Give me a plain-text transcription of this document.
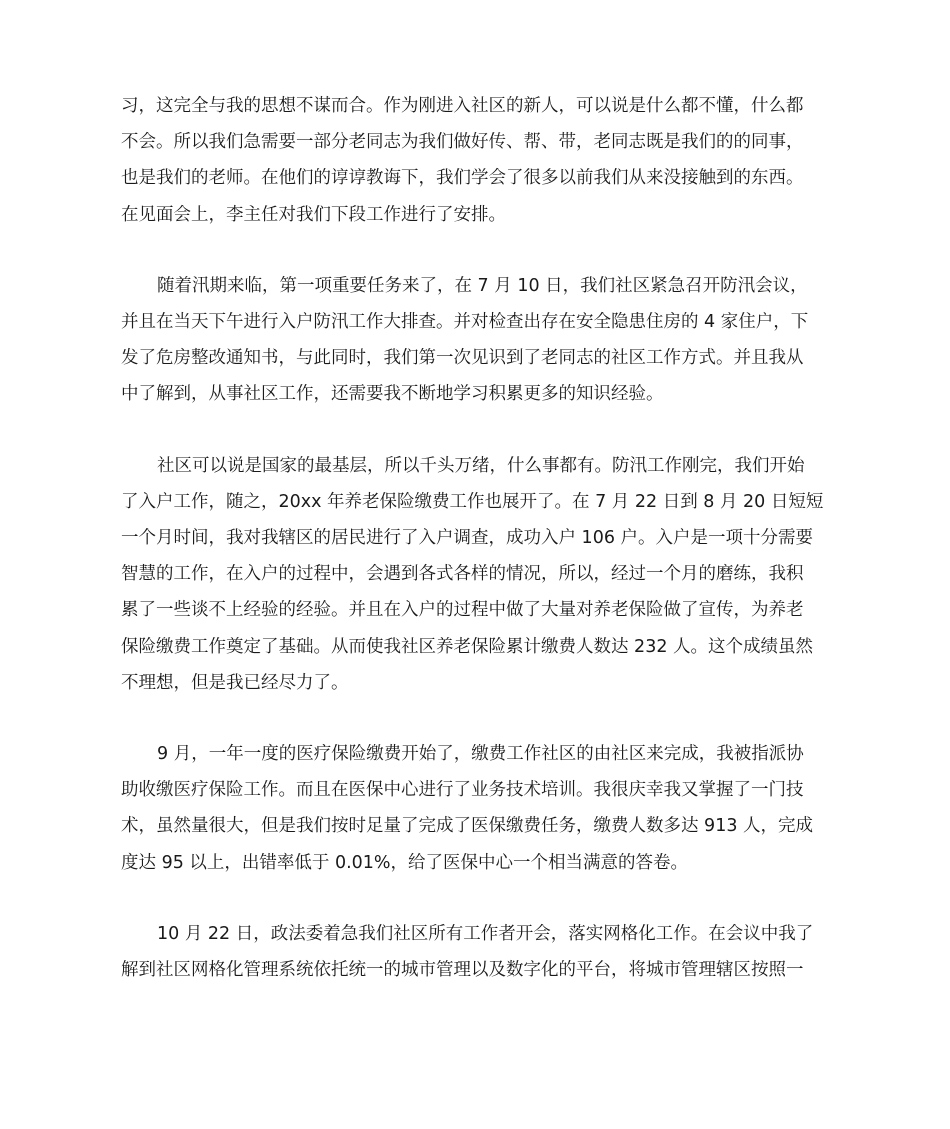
习，这完全与我的思想不谋而合。作为刚进入社区的新人，可以说是什么都不懂，什么都
不会。所以我们急需要一部分老同志为我们做好传、帮、带，老同志既是我们的的同事，
也是我们的老师。在他们的谆谆教诲下，我们学会了很多以前我们从来没接触到的东西。
在见面会上，李主任对我们下段工作进行了安排。

随着汛期来临，第一项重要任务来了，在 7 月 10 日，我们社区紧急召开防汛会议，
并且在当天下午进行入户防汛工作大排查。并对检查出存在安全隐患住房的 4 家住户，下
发了危房整改通知书，与此同时，我们第一次见识到了老同志的社区工作方式。并且我从
中了解到，从事社区工作，还需要我不断地学习积累更多的知识经验。

社区可以说是国家的最基层，所以千头万绪，什么事都有。防汛工作刚完，我们开始
了入户工作，随之，20xx 年养老保险缴费工作也展开了。在 7 月 22 日到 8 月 20 日短短
一个月时间，我对我辖区的居民进行了入户调查，成功入户 106 户。入户是一项十分需要
智慧的工作，在入户的过程中，会遇到各式各样的情况，所以，经过一个月的磨练，我积
累了一些谈不上经验的经验。并且在入户的过程中做了大量对养老保险做了宣传，为养老
保险缴费工作奠定了基础。从而使我社区养老保险累计缴费人数达 232 人。这个成绩虽然
不理想，但是我已经尽力了。

9 月，一年一度的医疗保险缴费开始了，缴费工作社区的由社区来完成，我被指派协
助收缴医疗保险工作。而且在医保中心进行了业务技术培训。我很庆幸我又掌握了一门技
术，虽然量很大，但是我们按时足量了完成了医保缴费任务，缴费人数多达 913 人，完成
度达 95 以上，出错率低于 0.01%，给了医保中心一个相当满意的答卷。

10 月 22 日，政法委着急我们社区所有工作者开会，落实网格化工作。在会议中我了
解到社区网格化管理系统依托统一的城市管理以及数字化的平台，将城市管理辖区按照一
